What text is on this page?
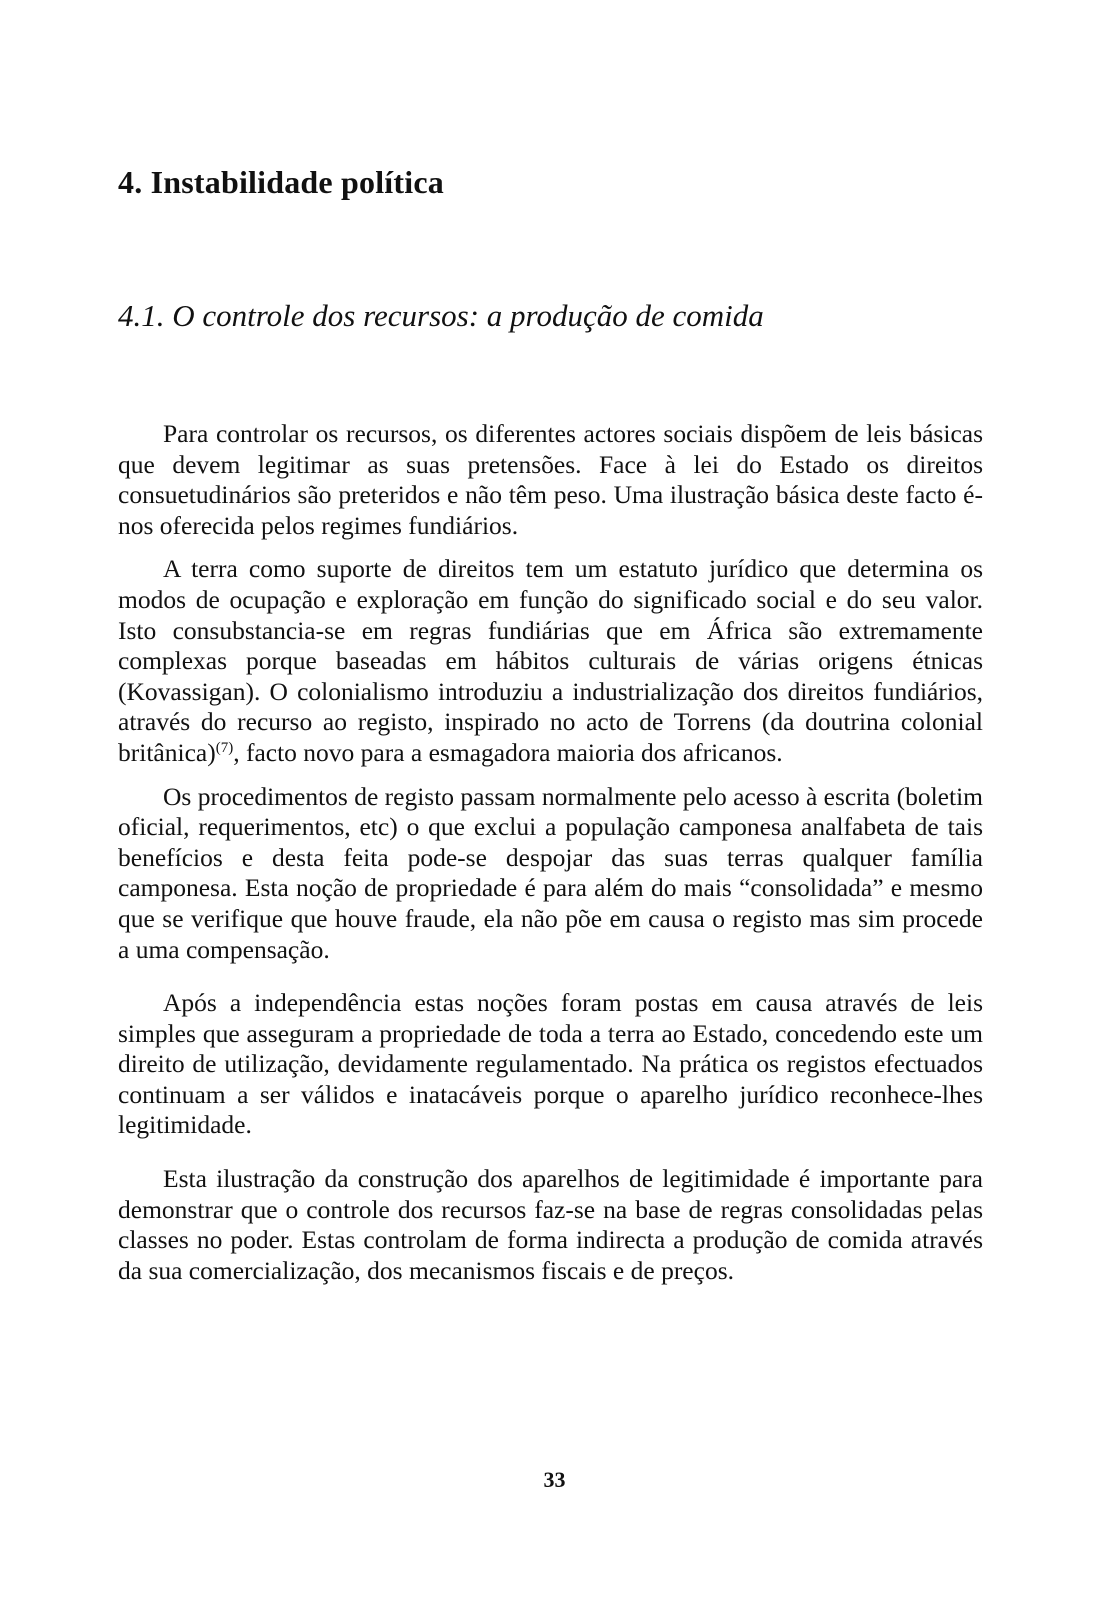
4. Instabilidade política
4.1. O controle dos recursos: a produção de comida

Para controlar os recursos, os diferentes actores sociais dispõem de leis básicas que devem legitimar as suas pretensões. Face à lei do Estado os direitos consuetudinários são preteridos e não têm peso. Uma ilustração básica deste facto é-nos oferecida pelos regimes fundiários.

A terra como suporte de direitos tem um estatuto jurídico que determina os modos de ocupação e exploração em função do significado social e do seu valor. Isto consubstancia-se em regras fundiárias que em África são extremamente complexas porque baseadas em hábitos culturais de várias origens étnicas (Kovassigan). O colonialismo introduziu a industrialização dos direitos fundiários, através do recurso ao registo, inspirado no acto de Torrens (da doutrina colonial britânica)$^{(7)}$, facto novo para a esmagadora maioria dos africanos.

Os procedimentos de registo passam normalmente pelo acesso à escrita (boletim oficial, requerimentos, etc) o que exclui a população camponesa analfabeta de tais benefícios e desta feita pode-se despojar das suas terras qualquer família camponesa. Esta noção de propriedade é para além do mais “consolidada” e mesmo que se verifique que houve fraude, ela não põe em causa o registo mas sim procede a uma compensação.

Após a independência estas noções foram postas em causa através de leis simples que asseguram a propriedade de toda a terra ao Estado, concedendo este um direito de utilização, devidamente regulamentado. Na prática os registos efectuados continuam a ser válidos e inatacáveis porque o aparelho jurídico reconhece-lhes legitimidade.

Esta ilustração da construção dos aparelhos de legitimidade é importante para demonstrar que o controle dos recursos faz-se na base de regras consolidadas pelas classes no poder. Estas controlam de forma indirecta a produção de comida através da sua comercialização, dos mecanismos fiscais e de preços.

33
